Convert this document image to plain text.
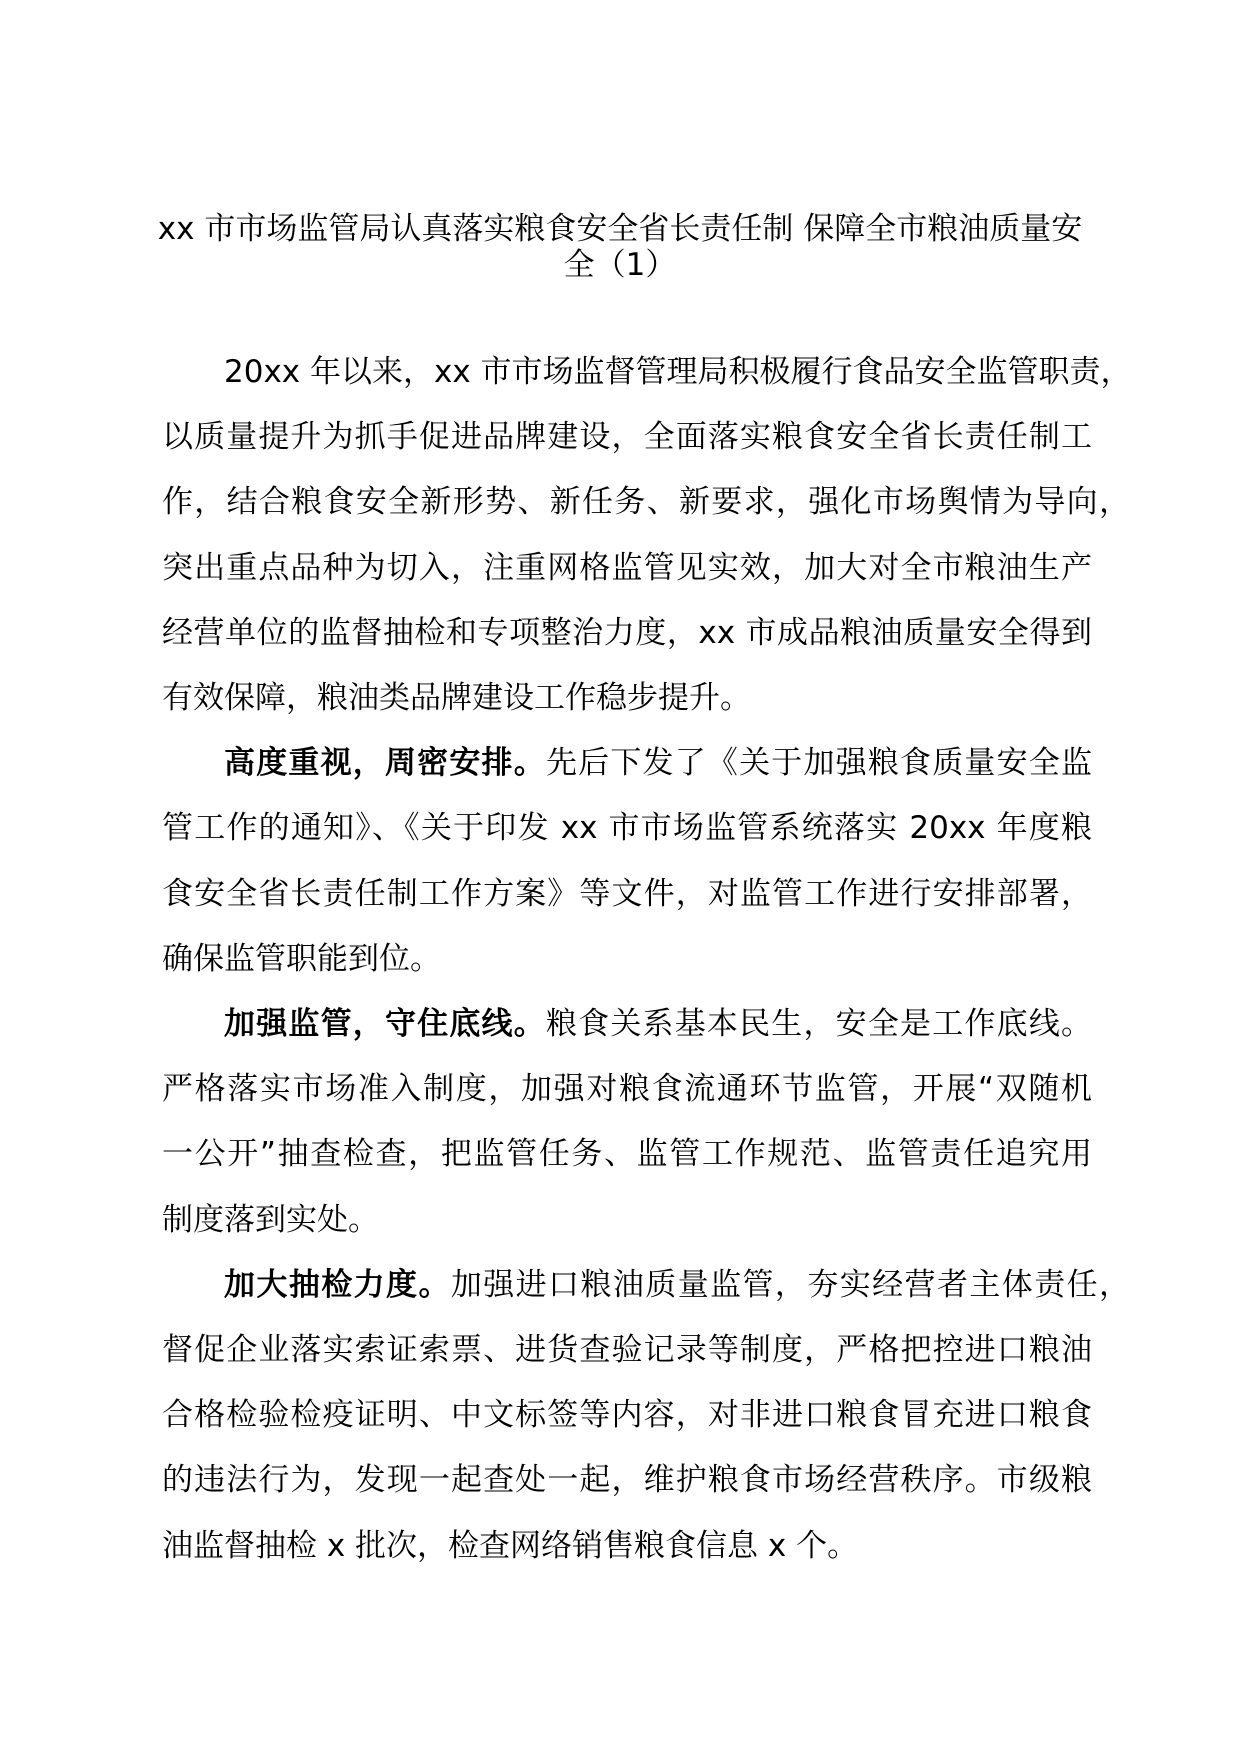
xx 市市场监管局认真落实粮食安全省长责任制 保障全市粮油质量安
全（1）
20xx 年以来，xx 市市场监督管理局积极履行食品安全监管职责，
以质量提升为抓手促进品牌建设，全面落实粮食安全省长责任制工
作，结合粮食安全新形势、新任务、新要求，强化市场舆情为导向，
突出重点品种为切入，注重网格监管见实效，加大对全市粮油生产
经营单位的监督抽检和专项整治力度，xx 市成品粮油质量安全得到
有效保障，粮油类品牌建设工作稳步提升。
高度重视，周密安排。先后下发了《关于加强粮食质量安全监
管工作的通知》、《关于印发 xx 市市场监管系统落实 20xx 年度粮
食安全省长责任制工作方案》等文件，对监管工作进行安排部署，
确保监管职能到位。
加强监管，守住底线。粮食关系基本民生，安全是工作底线。
严格落实市场准入制度，加强对粮食流通环节监管，开展“双随机
一公开”抽查检查，把监管任务、监管工作规范、监管责任追究用
制度落到实处。
加大抽检力度。加强进口粮油质量监管，夯实经营者主体责任，
督促企业落实索证索票、进货查验记录等制度，严格把控进口粮油
合格检验检疫证明、中文标签等内容，对非进口粮食冒充进口粮食
的违法行为，发现一起查处一起，维护粮食市场经营秩序。市级粮
油监督抽检 x 批次，检查网络销售粮食信息 x 个。
